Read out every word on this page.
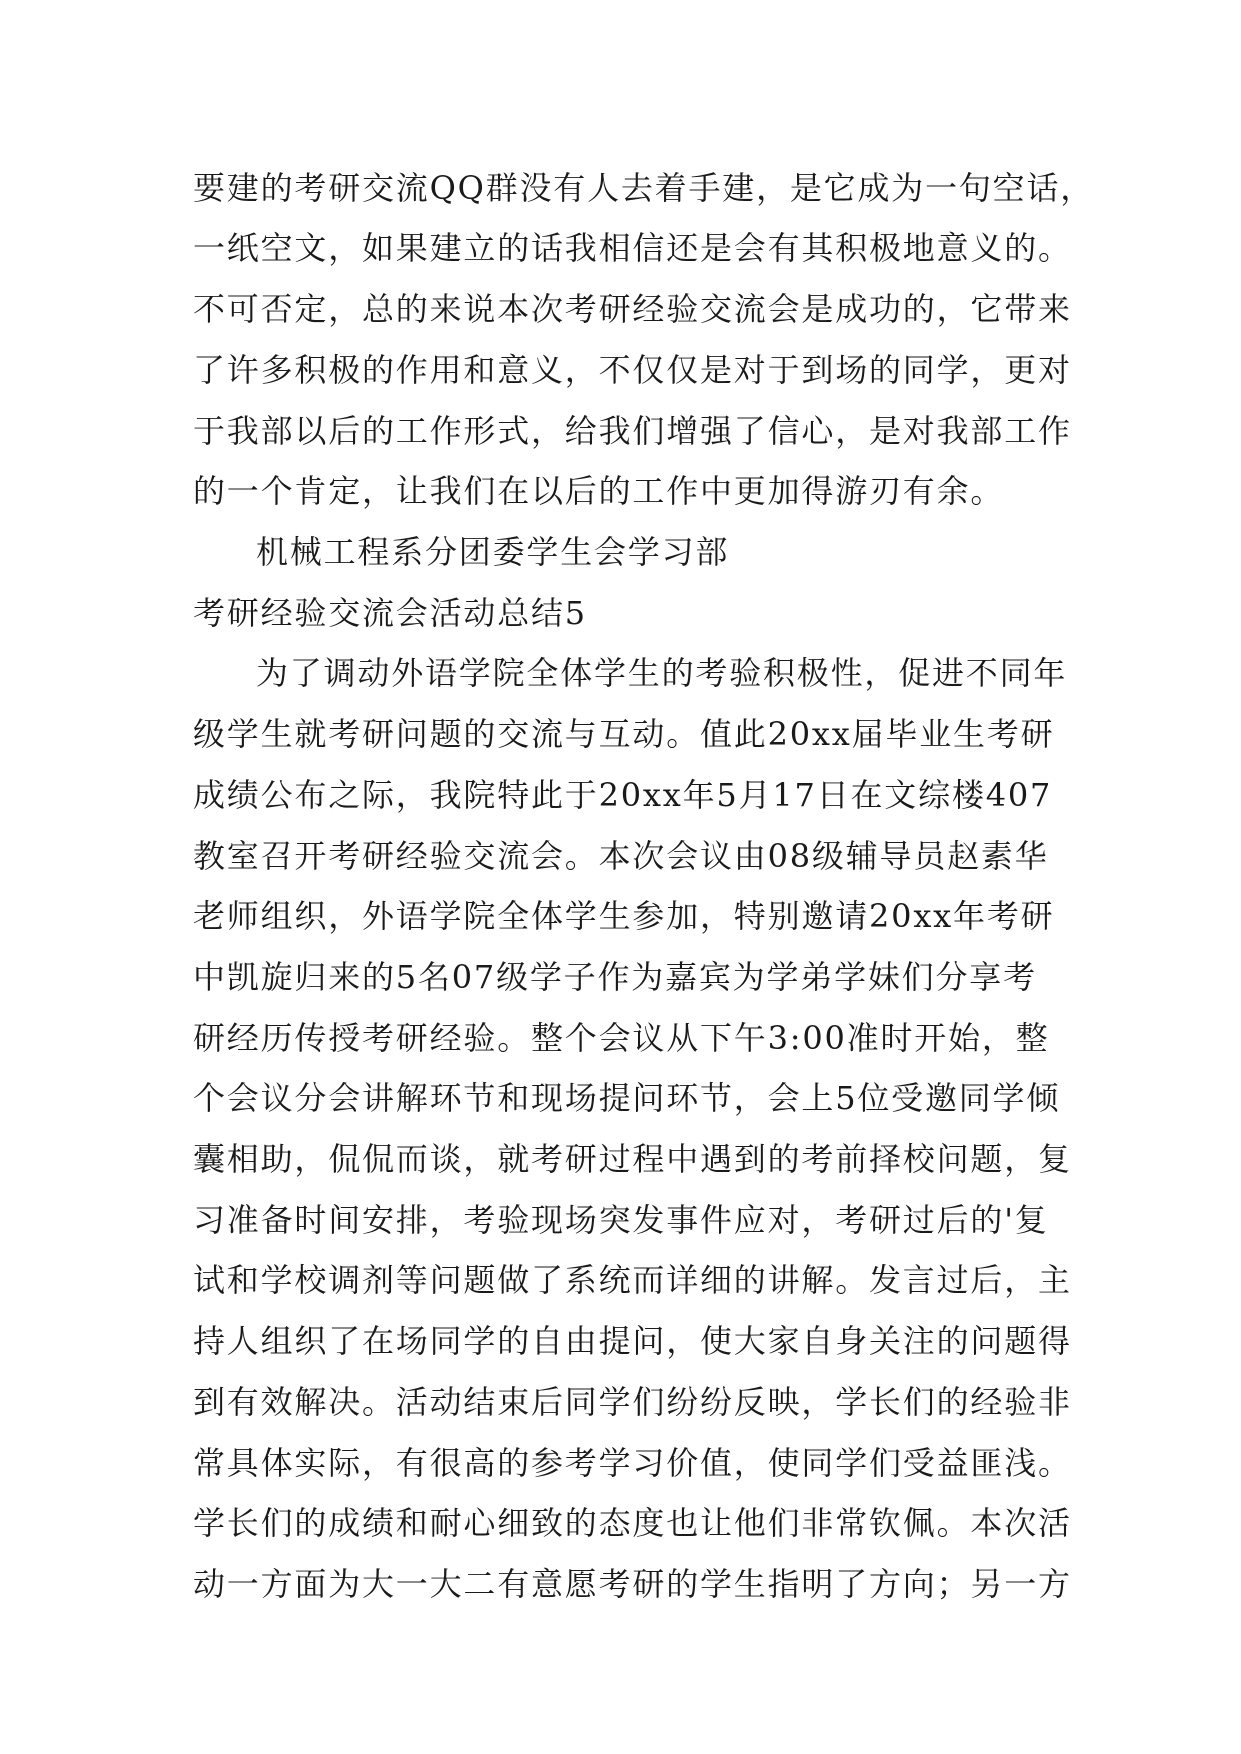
要建的考研交流QQ群没有人去着手建，是它成为一句空话，
一纸空文，如果建立的话我相信还是会有其积极地意义的。
不可否定，总的来说本次考研经验交流会是成功的，它带来
了许多积极的作用和意义，不仅仅是对于到场的同学，更对
于我部以后的工作形式，给我们增强了信心，是对我部工作
的一个肯定，让我们在以后的工作中更加得游刃有余。
机械工程系分团委学生会学习部
考研经验交流会活动总结5
为了调动外语学院全体学生的考验积极性，促进不同年
级学生就考研问题的交流与互动。值此20xx届毕业生考研
成绩公布之际，我院特此于20xx年5月17日在文综楼407
教室召开考研经验交流会。本次会议由08级辅导员赵素华
老师组织，外语学院全体学生参加，特别邀请20xx年考研
中凯旋归来的5名07级学子作为嘉宾为学弟学妹们分享考
研经历传授考研经验。整个会议从下午3:00准时开始，整
个会议分会讲解环节和现场提问环节，会上5位受邀同学倾
囊相助，侃侃而谈，就考研过程中遇到的考前择校问题，复
习准备时间安排，考验现场突发事件应对，考研过后的'复
试和学校调剂等问题做了系统而详细的讲解。发言过后，主
持人组织了在场同学的自由提问，使大家自身关注的问题得
到有效解决。活动结束后同学们纷纷反映，学长们的经验非
常具体实际，有很高的参考学习价值，使同学们受益匪浅。
学长们的成绩和耐心细致的态度也让他们非常钦佩。本次活
动一方面为大一大二有意愿考研的学生指明了方向；另一方
